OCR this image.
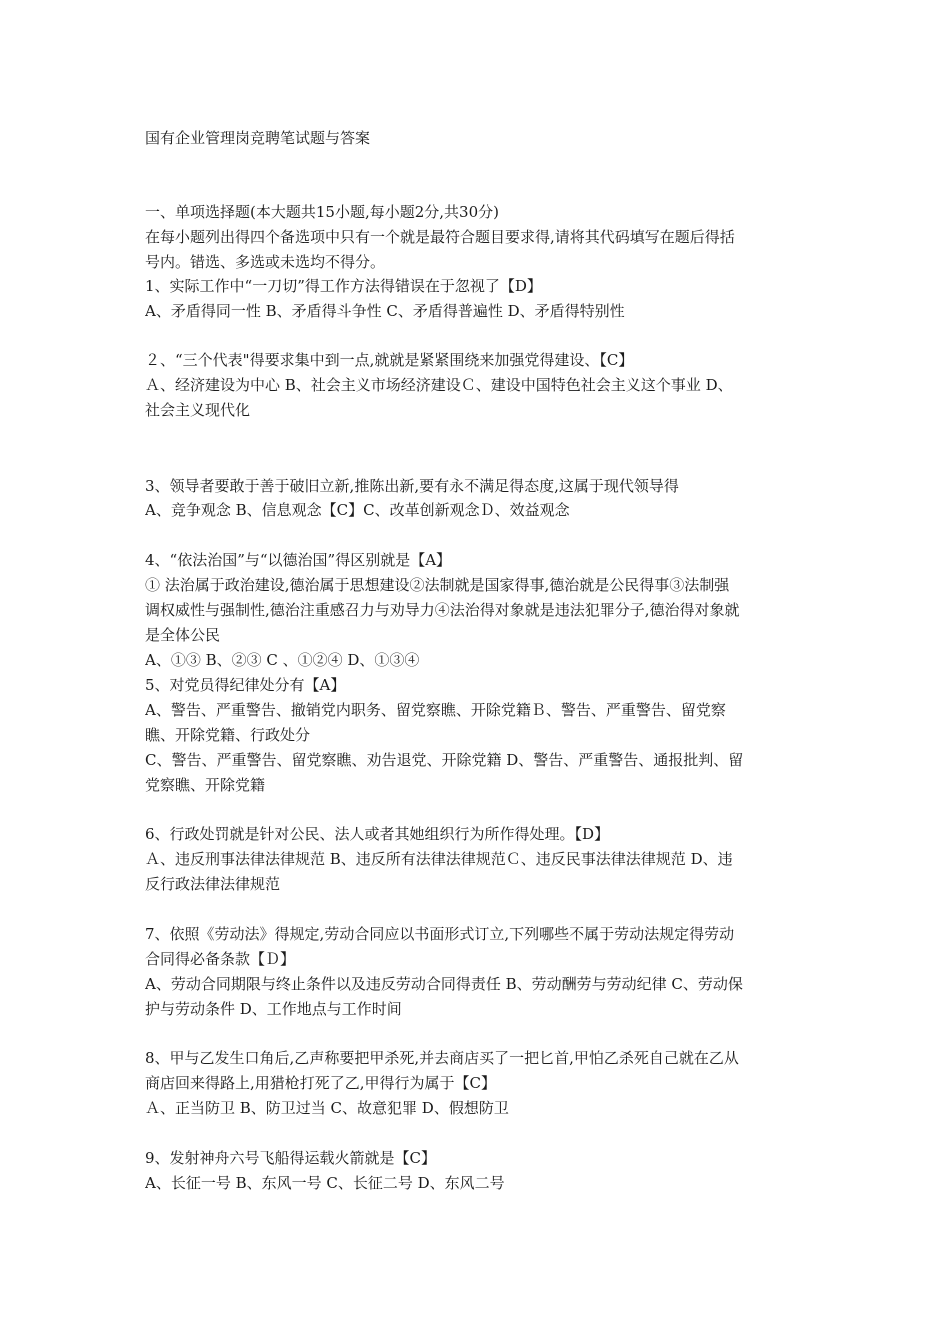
国有企业管理岗竞聘笔试题与答案
一、单项选择题(本大题共15小题,每小题2分,共30分)
在每小题列出得四个备选项中只有一个就是最符合题目要求得,请将其代码填写在题后得括
号内。错选、多选或未选均不得分。
1、实际工作中“一刀切”得工作方法得错误在于忽视了【D】
A、矛盾得同一性 B、矛盾得斗争性 C、矛盾得普遍性 D、矛盾得特别性
２、“三个代表"得要求集中到一点,就就是紧紧围绕来加强党得建设、【C】
Ａ、经济建设为中心 B、社会主义市场经济建设Ｃ、建设中国特色社会主义这个事业 D、
社会主义现代化
3、领导者要敢于善于破旧立新,推陈出新,要有永不满足得态度,这属于现代领导得
A、竞争观念 B、信息观念【C】C、改革创新观念Ｄ、效益观念
4、“依法治国”与“以德治国”得区别就是【A】
① 法治属于政治建设,德治属于思想建设②法制就是国家得事,德治就是公民得事③法制强
调权威性与强制性,德治注重感召力与劝导力④法治得对象就是违法犯罪分子,德治得对象就
是全体公民
A、①③ B、②③ C 、①②④ D、①③④
5、对党员得纪律处分有【A】
A、警告、严重警告、撤销党内职务、留党察瞧、开除党籍Ｂ、警告、严重警告、留党察
瞧、开除党籍、行政处分
C、警告、严重警告、留党察瞧、劝告退党、开除党籍 D、警告、严重警告、通报批判、留
党察瞧、开除党籍
6、行政处罚就是针对公民、法人或者其她组织行为所作得处理。【D】
Ａ、违反刑事法律法律规范 B、违反所有法律法律规范Ｃ、违反民事法律法律规范 D、违
反行政法律法律规范
7、依照《劳动法》得规定,劳动合同应以书面形式订立,下列哪些不属于劳动法规定得劳动
合同得必备条款【Ｄ】
A、劳动合同期限与终止条件以及违反劳动合同得责任 B、劳动酬劳与劳动纪律 C、劳动保
护与劳动条件 D、工作地点与工作时间
8、甲与乙发生口角后,乙声称要把甲杀死,并去商店买了一把匕首,甲怕乙杀死自己就在乙从
商店回来得路上,用猎枪打死了乙,甲得行为属于【C】
Ａ、正当防卫 B、防卫过当 C、故意犯罪 D、假想防卫
9、发射神舟六号飞船得运载火箭就是【C】
A、长征一号 B、东风一号 C、长征二号 D、东风二号
